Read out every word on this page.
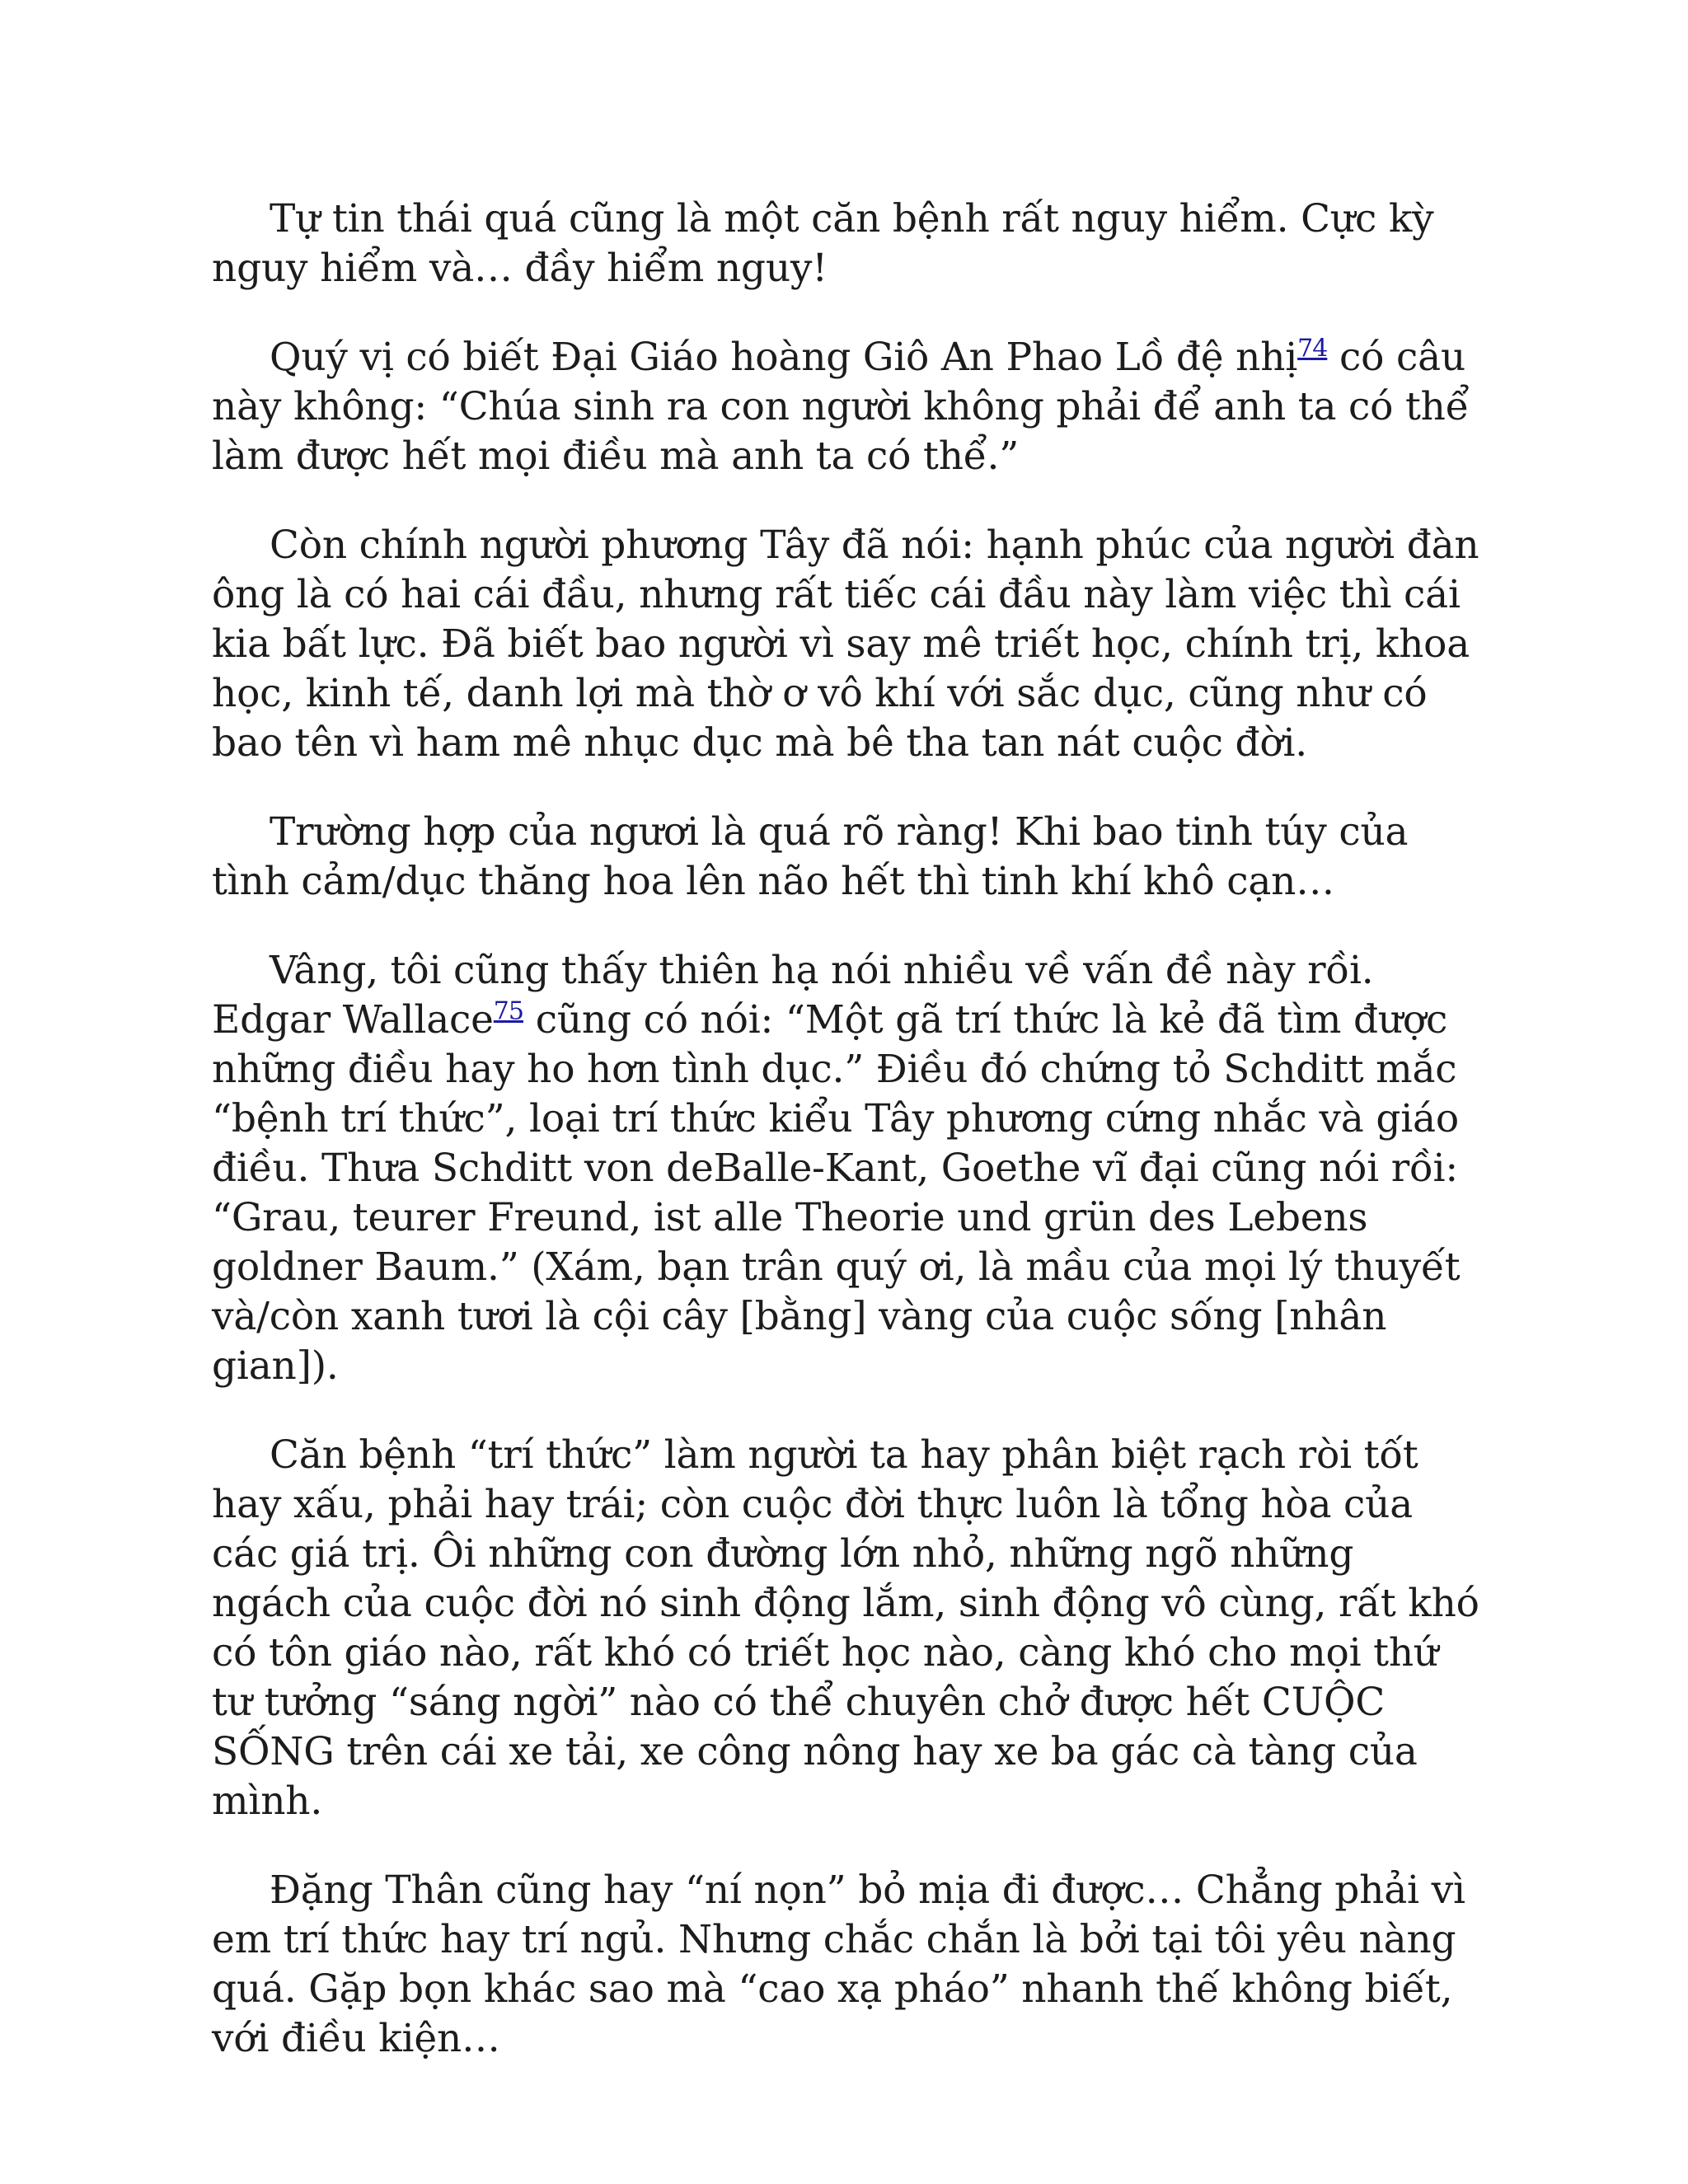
Tự tin thái quá cũng là một căn bệnh rất nguy hiểm. Cực kỳ nguy hiểm và… đầy hiểm nguy!

Quý vị có biết Đại Giáo hoàng Giô An Phao Lồ đệ nhị$^{74}$ có câu này không: “Chúa sinh ra con người không phải để anh ta có thể làm được hết mọi điều mà anh ta có thể.”

Còn chính người phương Tây đã nói: hạnh phúc của người đàn ông là có hai cái đầu, nhưng rất tiếc cái đầu này làm việc thì cái kia bất lực. Đã biết bao người vì say mê triết học, chính trị, khoa học, kinh tế, danh lợi mà thờ ơ vô khí với sắc dục, cũng như có bao tên vì ham mê nhục dục mà bê tha tan nát cuộc đời.

Trường hợp của ngươi là quá rõ ràng! Khi bao tinh túy của tình cảm/dục thăng hoa lên não hết thì tinh khí khô cạn…

Vâng, tôi cũng thấy thiên hạ nói nhiều về vấn đề này rồi. Edgar Wallace$^{75}$ cũng có nói: “Một gã trí thức là kẻ đã tìm được những điều hay ho hơn tình dục.” Điều đó chứng tỏ Schditt mắc “bệnh trí thức”, loại trí thức kiểu Tây phương cứng nhắc và giáo điều. Thưa Schditt von deBalle-Kant, Goethe vĩ đại cũng nói rồi: “Grau, teurer Freund, ist alle Theorie und grün des Lebens goldner Baum.” (Xám, bạn trân quý ơi, là mầu của mọi lý thuyết và/còn xanh tươi là cội cây [bằng] vàng của cuộc sống [nhân gian]).

Căn bệnh “trí thức” làm người ta hay phân biệt rạch ròi tốt hay xấu, phải hay trái; còn cuộc đời thực luôn là tổng hòa của các giá trị. Ôi những con đường lớn nhỏ, những ngõ những ngách của cuộc đời nó sinh động lắm, sinh động vô cùng, rất khó có tôn giáo nào, rất khó có triết học nào, càng khó cho mọi thứ tư tưởng “sáng ngời” nào có thể chuyên chở được hết CUỘC SỐNG trên cái xe tải, xe công nông hay xe ba gác cà tàng của mình.

Đặng Thân cũng hay “ní nọn” bỏ mịa đi được… Chẳng phải vì em trí thức hay trí ngủ. Nhưng chắc chắn là bởi tại tôi yêu nàng quá. Gặp bọn khác sao mà “cao xạ pháo” nhanh thế không biết, với điều kiện…
